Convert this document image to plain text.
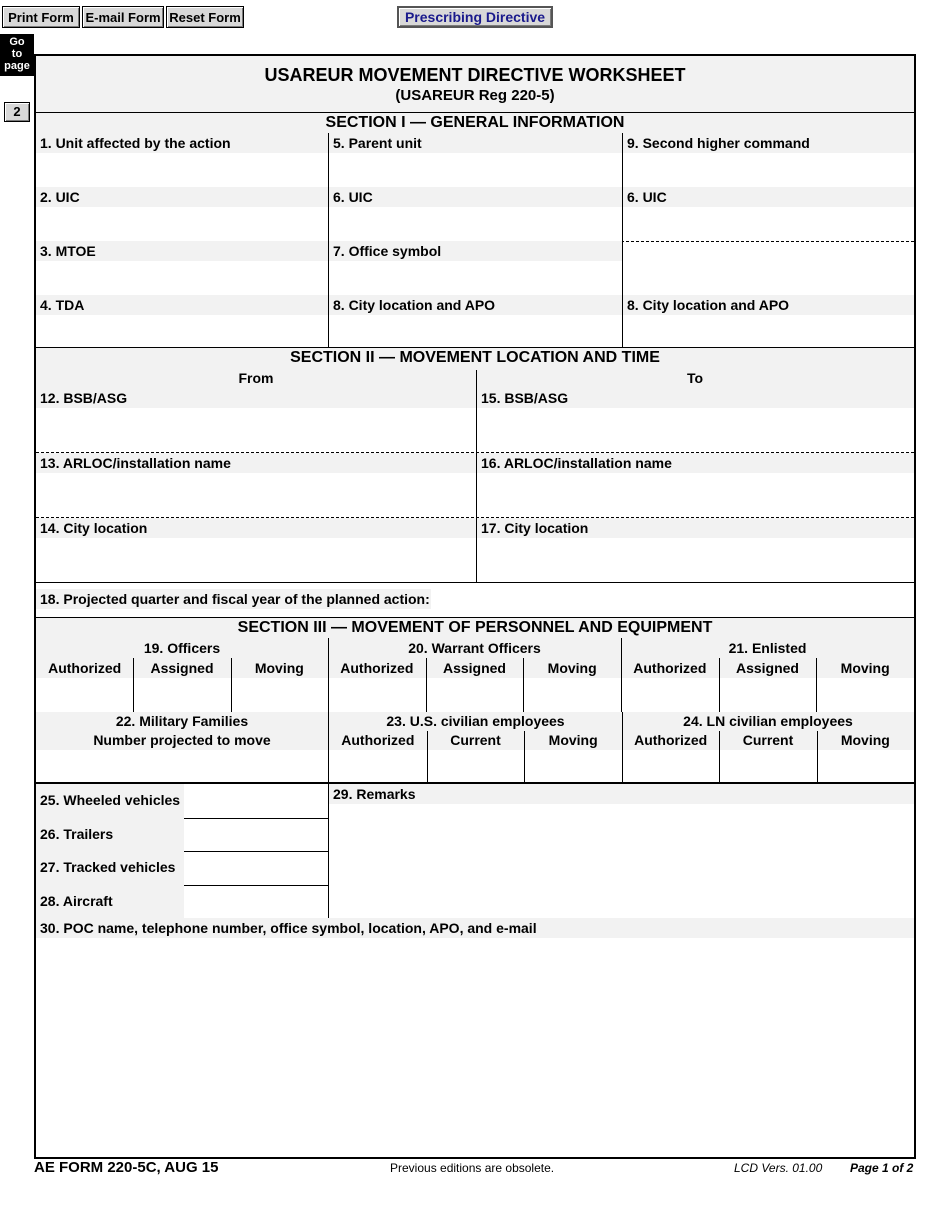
Print Form E-mail Form Reset Form	Prescribing Directive
Go
to
page
2
USAREUR MOVEMENT DIRECTIVE WORKSHEET
(USAREUR Reg 220-5)
SECTION I — GENERAL INFORMATION
1. Unit affected by the action	5. Parent unit	9. Second higher command
2. UIC	6. UIC	6. UIC
3. MTOE	7. Office symbol
4. TDA	8. City location and APO	8. City location and APO
SECTION II — MOVEMENT LOCATION AND TIME
From	To
12. BSB/ASG	15. BSB/ASG
13. ARLOC/installation name	16. ARLOC/installation name
14. City location	17. City location
18. Projected quarter and fiscal year of the planned action:
SECTION III — MOVEMENT OF PERSONNEL AND EQUIPMENT
19. Officers
Authorized	Assigned	Moving
20. Warrant Officers
Authorized	Assigned	Moving
21. Enlisted
Authorized	Assigned	Moving
22. Military Families
Number projected to move
23. U.S. civilian employees
Authorized	Current	Moving
24. LN civilian employees
Authorized	Current	Moving
25. Wheeled vehicles
26. Trailers
27. Tracked vehicles
28. Aircraft
29. Remarks
30. POC name, telephone number, office symbol, location, APO, and e-mail
AE FORM 220-5C, AUG 15	Previous editions are obsolete.	LCD Vers. 01.00 Page 1 of 2
